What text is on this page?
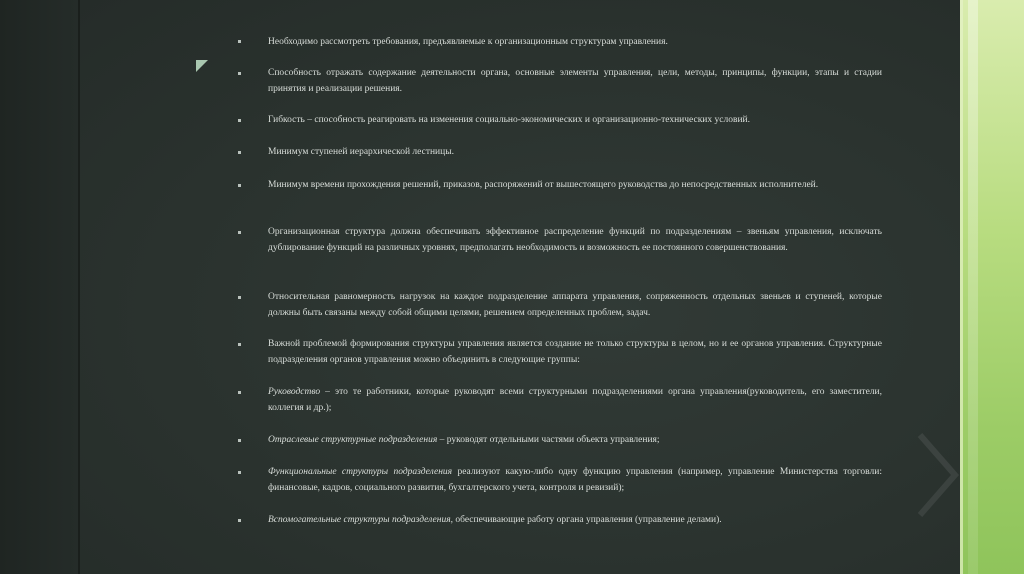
Необходимо рассмотреть требования, предъявляемые к организационным структурам управления.

Способность отражать содержание деятельности органа, основные элементы управления, цели, методы, принципы, функции, этапы и стадии принятия и реализации решения.

Гибкость – способность реагировать на изменения социально-экономических и организационно-технических условий.

Минимум ступеней иерархической лестницы.

Минимум времени прохождения решений, приказов, распоряжений от вышестоящего руководства до непосредственных исполнителей.

Организационная структура должна обеспечивать эффективное распределение функций по подразделениям – звеньям управления, исключать дублирование функций на различных уровнях, предполагать необходимость и возможность ее постоянного совершенствования.

Относительная равномерность нагрузок на каждое подразделение аппарата управления, сопряженность отдельных звеньев и ступеней, которые должны быть связаны между собой общими целями, решением определенных проблем, задач.

Важной проблемой формирования структуры управления является создание не только структуры в целом, но и ее органов управления. Структурные подразделения органов управления можно объединить в следующие группы:

Руководство – это те работники, которые руководят всеми структурными подразделениями органа управления(руководитель, его заместители, коллегия и др.);

Отраслевые структурные подразделения – руководят отдельными частями объекта управления;

Функциональные структуры подразделения реализуют какую-либо одну функцию управления (например, управление Министерства торговли: финансовые, кадров, социального развития, бухгалтерского учета, контроля и ревизий);

Вспомогательные структуры подразделения, обеспечивающие работу органа управления (управление делами).
